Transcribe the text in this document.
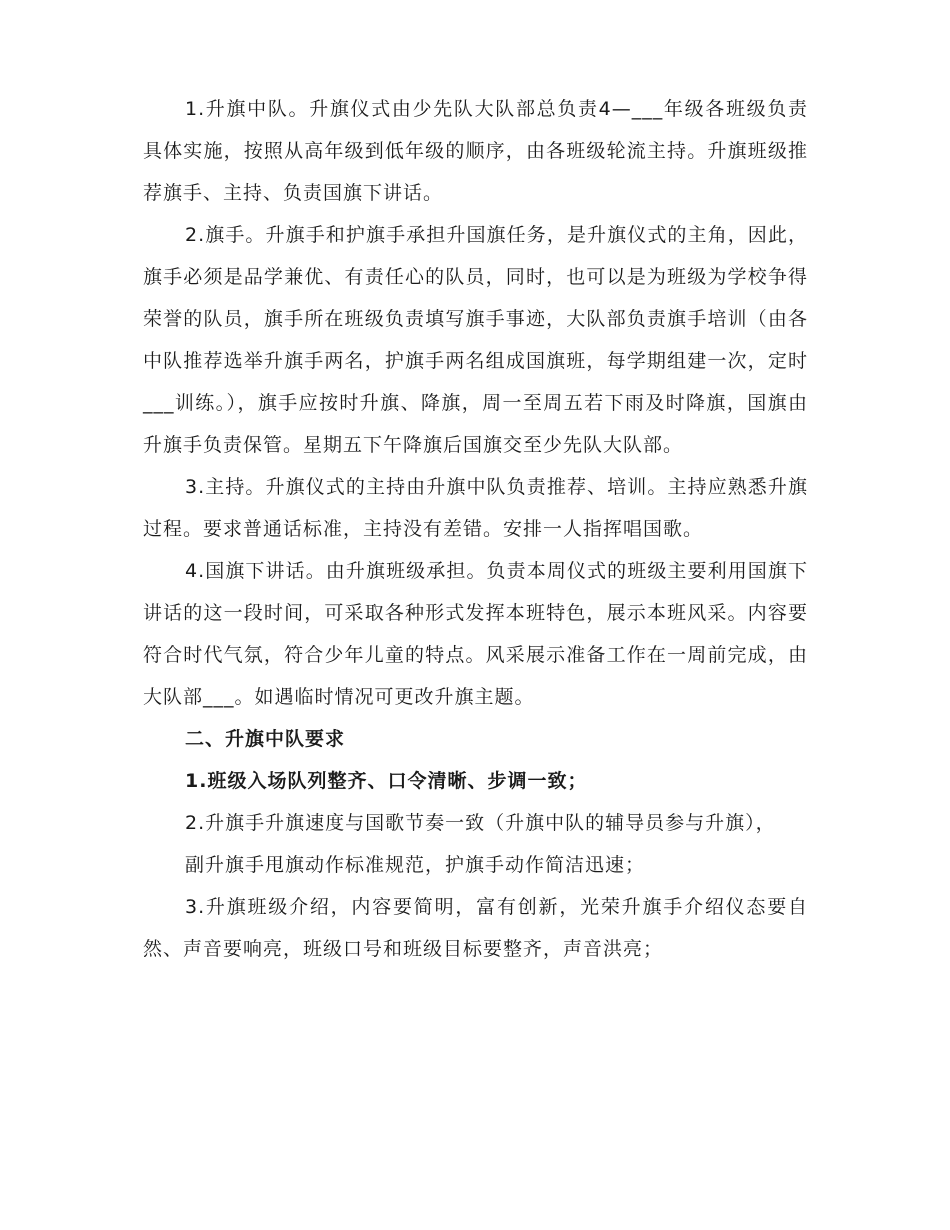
1.升旗中队。升旗仪式由少先队大队部总负责4—___年级各班级负责具体实施，按照从高年级到低年级的顺序，由各班级轮流主持。升旗班级推荐旗手、主持、负责国旗下讲话。

2.旗手。升旗手和护旗手承担升国旗任务，是升旗仪式的主角，因此，旗手必须是品学兼优、有责任心的队员，同时，也可以是为班级为学校争得荣誉的队员，旗手所在班级负责填写旗手事迹，大队部负责旗手培训（由各中队推荐选举升旗手两名，护旗手两名组成国旗班，每学期组建一次，定时___训练。），旗手应按时升旗、降旗，周一至周五若下雨及时降旗，国旗由升旗手负责保管。星期五下午降旗后国旗交至少先队大队部。

3.主持。升旗仪式的主持由升旗中队负责推荐、培训。主持应熟悉升旗过程。要求普通话标准，主持没有差错。安排一人指挥唱国歌。

4.国旗下讲话。由升旗班级承担。负责本周仪式的班级主要利用国旗下讲话的这一段时间，可采取各种形式发挥本班特色，展示本班风采。内容要符合时代气氛，符合少年儿童的特点。风采展示准备工作在一周前完成，由大队部___。如遇临时情况可更改升旗主题。

二、升旗中队要求

1.班级入场队列整齐、口令清晰、步调一致；

2.升旗手升旗速度与国歌节奏一致（升旗中队的辅导员参与升旗），

副升旗手甩旗动作标准规范，护旗手动作简洁迅速；

3.升旗班级介绍，内容要简明，富有创新，光荣升旗手介绍仪态要自然、声音要响亮，班级口号和班级目标要整齐，声音洪亮；
